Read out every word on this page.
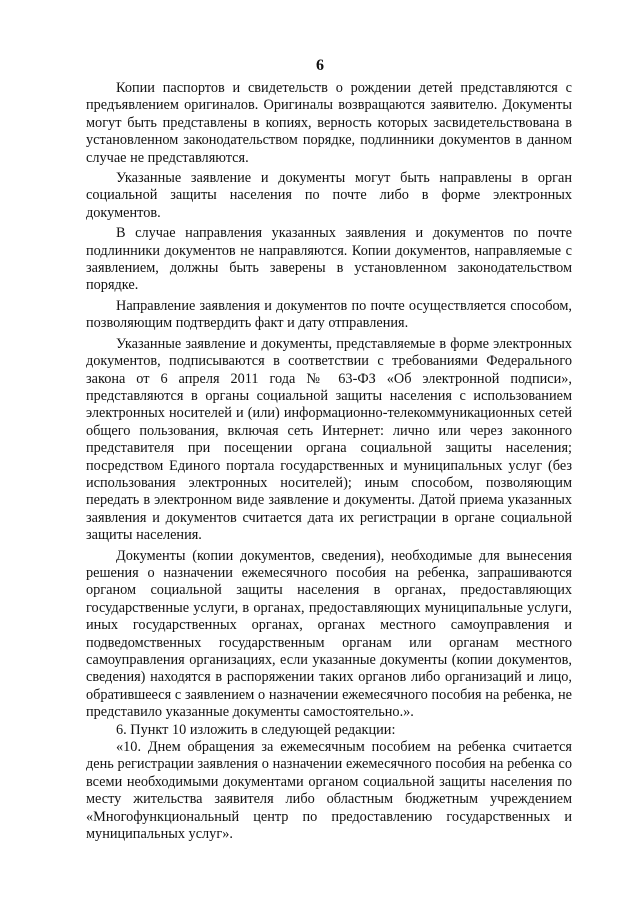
6

Копии паспортов и свидетельств о рождении детей представляются с предъявлением оригиналов. Оригиналы возвращаются заявителю. Документы могут быть представлены в копиях, верность которых засвидетельствована в установленном законодательством порядке, подлинники документов в данном случае не представляются.

Указанные заявление и документы могут быть направлены в орган социальной защиты населения по почте либо в форме электронных документов.

В случае направления указанных заявления и документов по почте подлинники документов не направляются. Копии документов, направляемые с заявлением, должны быть заверены в установленном законодательством порядке.

Направление заявления и документов по почте осуществляется способом, позволяющим подтвердить факт и дату отправления.

Указанные заявление и документы, представляемые в форме электронных документов, подписываются в соответствии с требованиями Федерального закона от 6 апреля 2011 года № 63-ФЗ «Об электронной подписи», представляются в органы социальной защиты населения с использованием электронных носителей и (или) информационно-телекоммуникационных сетей общего пользования, включая сеть Интернет: лично или через законного представителя при посещении органа социальной защиты населения; посредством Единого портала государственных и муниципальных услуг (без использования электронных носителей); иным способом, позволяющим передать в электронном виде заявление и документы. Датой приема указанных заявления и документов считается дата их регистрации в органе социальной защиты населения.

Документы (копии документов, сведения), необходимые для вынесения решения о назначении ежемесячного пособия на ребенка, запрашиваются органом социальной защиты населения в органах, предоставляющих государственные услуги, в органах, предоставляющих муниципальные услуги, иных государственных органах, органах местного самоуправления и подведомственных государственным органам или органам местного самоуправления организациях, если указанные документы (копии документов, сведения) находятся в распоряжении таких органов либо организаций и лицо, обратившееся с заявлением о назначении ежемесячного пособия на ребенка, не представило указанные документы самостоятельно.».

6. Пункт 10 изложить в следующей редакции:

«10. Днем обращения за ежемесячным пособием на ребенка считается день регистрации заявления о назначении ежемесячного пособия на ребенка со всеми необходимыми документами органом социальной защиты населения по месту жительства заявителя либо областным бюджетным учреждением «Многофункциональный центр по предоставлению государственных и муниципальных услуг».
